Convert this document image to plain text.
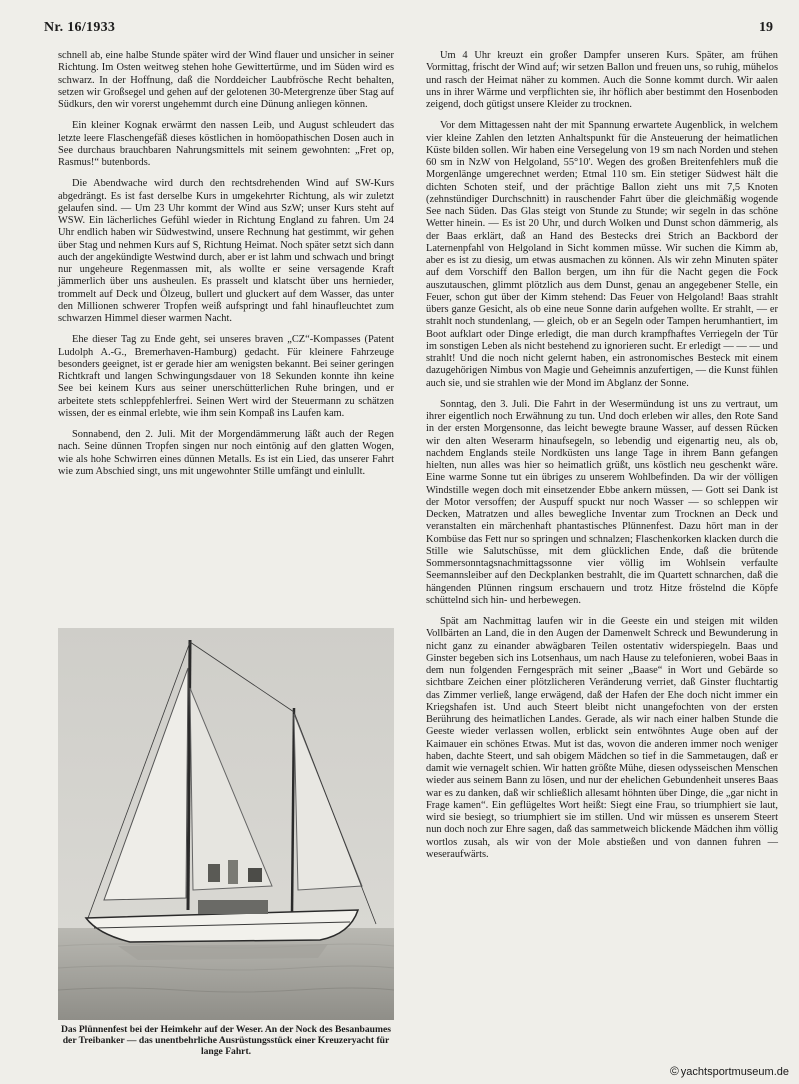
Nr. 16/1933	19

schnell ab, eine halbe Stunde später wird der Wind flauer und unsicher in seiner Richtung. Im Osten weitweg stehen hohe Gewittertürme, und im Süden wird es schwarz. In der Hoffnung, daß die Norddeicher Laubfrösche Recht behalten, setzen wir Großsegel und gehen auf der gelotenen 30-Metergrenze über Stag auf Südkurs, den wir vorerst ungehemmt durch eine Dünung anliegen können.

Ein kleiner Kognak erwärmt den nassen Leib, und August schleudert das letzte leere Flaschengefäß dieses köstlichen in homöopathischen Dosen auch in See durchaus brauchbaren Nahrungsmittels mit seinem gewohnten: „Fret op, Rasmus!“ butenbords.

Die Abendwache wird durch den rechtsdrehenden Wind auf SW-Kurs abgedrängt. Es ist fast derselbe Kurs in umgekehrter Richtung, als wir zuletzt gelaufen sind. — Um 23 Uhr kommt der Wind aus SzW; unser Kurs steht auf WSW. Ein lächerliches Gefühl wieder in Richtung England zu fahren. Um 24 Uhr endlich haben wir Südwestwind, unsere Rechnung hat gestimmt, wir gehen über Stag und nehmen Kurs auf S, Richtung Heimat. Noch später setzt sich dann auch der angekündigte Westwind durch, aber er ist lahm und schwach und bringt nur ungeheure Regenmassen mit, als wollte er seine versagende Kraft jämmerlich über uns ausheulen. Es prasselt und klatscht über uns hernieder, trommelt auf Deck und Ölzeug, bullert und gluckert auf dem Wasser, das unter den Millionen schwerer Tropfen weiß aufspringt und fahl hinaufleuchtet zum schwarzen Himmel dieser warmen Nacht.

Ehe dieser Tag zu Ende geht, sei unseres braven „CZ“-Kompasses (Patent Ludolph A.-G., Bremerhaven-Hamburg) gedacht. Für kleinere Fahrzeuge besonders geeignet, ist er gerade hier am wenigsten bekannt. Bei seiner geringen Richtkraft und langen Schwingungsdauer von 18 Sekunden konnte ihn keine See bei keinem Kurs aus seiner unerschütterlichen Ruhe bringen, und er arbeitete stets schleppfehlerfrei. Seinen Wert wird der Steuermann zu schätzen wissen, der es einmal erlebte, wie ihm sein Kompaß ins Laufen kam.

Sonnabend, den 2. Juli. Mit der Morgendämmerung läßt auch der Regen nach. Seine dünnen Tropfen singen nur noch eintönig auf den glatten Wogen, wie als hohe Schwirren eines dünnen Metalls. Es ist ein Lied, das unserer Fahrt wie zum Abschied singt, uns mit ungewohnter Stille umfängt und einlullt.

Das Plünnenfest bei der Heimkehr auf der Weser. An der Nock des Besanbaumes der Treibanker — das unentbehrliche Ausrüstungsstück einer Kreuzeryacht für lange Fahrt.

Um 4 Uhr kreuzt ein großer Dampfer unseren Kurs. Später, am frühen Vormittag, frischt der Wind auf; wir setzen Ballon und freuen uns, so ruhig, mühelos und rasch der Heimat näher zu kommen. Auch die Sonne kommt durch. Wir aalen uns in ihrer Wärme und verpflichten sie, ihr höflich aber bestimmt den Hosenboden zeigend, doch gütigst unsere Kleider zu trocknen.

Vor dem Mittagessen naht der mit Spannung erwartete Augenblick, in welchem vier kleine Zahlen den letzten Anhaltspunkt für die Ansteuerung der heimatlichen Küste bilden sollen. Wir haben eine Versegelung von 19 sm nach Norden und stehen 60 sm in NzW von Helgoland, 55°10'. Wegen des großen Breitenfehlers muß die Morgenlänge umgerechnet werden; Etmal 110 sm. Ein stetiger Südwest hält die dichten Schoten steif, und der prächtige Ballon zieht uns mit 7,5 Knoten (zehnstündiger Durchschnitt) in rauschender Fahrt über die gleichmäßig wogende See nach Süden. Das Glas steigt von Stunde zu Stunde; wir segeln in das schöne Wetter hinein. — Es ist 20 Uhr, und durch Wolken und Dunst schon dämmerig, als der Baas erklärt, daß an Hand des Bestecks drei Strich an Backbord der Laternenpfahl von Helgoland in Sicht kommen müsse. Wir suchen die Kimm ab, aber es ist zu diesig, um etwas ausmachen zu können. Als wir zehn Minuten später auf dem Vorschiff den Ballon bergen, um ihn für die Nacht gegen die Fock auszutauschen, glimmt plötzlich aus dem Dunst, genau an angegebener Stelle, ein Feuer, schon gut über der Kimm stehend: Das Feuer von Helgoland! Baas strahlt übers ganze Gesicht, als ob eine neue Sonne darin aufgehen wollte. Er strahlt, — er strahlt noch stundenlang, — gleich, ob er an Segeln oder Tampen herumhantiert, im Boot aufklart oder Dinge erledigt, die man durch krampfhaftes Verriegeln der Tür im sonstigen Leben als nicht bestehend zu ignorieren sucht. Er erledigt — — — und strahlt! Und die noch nicht gelernt haben, ein astronomisches Besteck mit einem dazugehörigen Nimbus von Magie und Geheimnis anzufertigen, — die Kunst fühlen auch sie, und sie strahlen wie der Mond im Abglanz der Sonne.

Sonntag, den 3. Juli. Die Fahrt in der Wesermündung ist uns zu vertraut, um ihrer eigentlich noch Erwähnung zu tun. Und doch erleben wir alles, den Rote Sand in der ersten Morgensonne, das leicht bewegte braune Wasser, auf dessen Rücken wir den alten Weserarm hinaufsegeln, so lebendig und eigenartig neu, als ob, nachdem Englands steile Nordküsten uns lange Tage in ihrem Bann gefangen hielten, nun alles was hier so heimatlich grüßt, uns köstlich neu geschenkt wäre. Eine warme Sonne tut ein übriges zu unserem Wohlbefinden. Da wir der völligen Windstille wegen doch mit einsetzender Ebbe ankern müssen, — Gott sei Dank ist der Motor versoffen; der Auspuff spuckt nur noch Wasser — so schleppen wir Decken, Matratzen und alles bewegliche Inventar zum Trocknen an Deck und veranstalten ein märchenhaft phantastisches Plünnenfest. Dazu hört man in der Kombüse das Fett nur so springen und schnalzen; Flaschenkorken klacken durch die Stille wie Salutschüsse, mit dem glücklichen Ende, daß die brütende Sommersonntagsnachmittagssonne vier völlig im Wohlsein verfaulte Seemannsleiber auf den Deckplanken bestrahlt, die im Quartett schnarchen, daß die hängenden Plünnen ringsum erschauern und trotz Hitze fröstelnd die Köpfe schüttelnd sich hin- und herbewegen.

Spät am Nachmittag laufen wir in die Geeste ein und steigen mit wilden Vollbärten an Land, die in den Augen der Damenwelt Schreck und Bewunderung in nicht ganz zu einander abwägbaren Teilen ostentativ widerspiegeln. Baas und Ginster begeben sich ins Lotsenhaus, um nach Hause zu telefonieren, wobei Baas in dem nun folgenden Ferngespräch mit seiner „Baase“ in Wort und Gebärde so sichtbare Zeichen einer plötzlicheren Veränderung verriet, daß Ginster fluchtartig das Zimmer verließ, lange erwägend, daß der Hafen der Ehe doch nicht immer ein Kriegshafen ist. Und auch Steert bleibt nicht unangefochten von der ersten Berührung des heimatlichen Landes. Gerade, als wir nach einer halben Stunde die Geeste wieder verlassen wollen, erblickt sein entwöhntes Auge oben auf der Kaimauer ein schönes Etwas. Mut ist das, wovon die anderen immer noch weniger haben, dachte Steert, und sah obigem Mädchen so tief in die Sammetaugen, daß er damit wie vernagelt schien. Wir hatten größte Mühe, diesen odysseischen Menschen wieder aus seinem Bann zu lösen, und nur der ehelichen Gebundenheit unseres Baas war es zu danken, daß wir schließlich allesamt höhnten über Dinge, die „gar nicht in Frage kamen“. Ein geflügeltes Wort heißt: Siegt eine Frau, so triumphiert sie laut, wird sie besiegt, so triumphiert sie im stillen. Und wir müssen es unserem Steert nun doch noch zur Ehre sagen, daß das sammetweich blickende Mädchen ihm völlig wortlos zusah, als wir von der Mole abstießen und von dannen fuhren — weseraufwärts.

© yachtsportmuseum.de
